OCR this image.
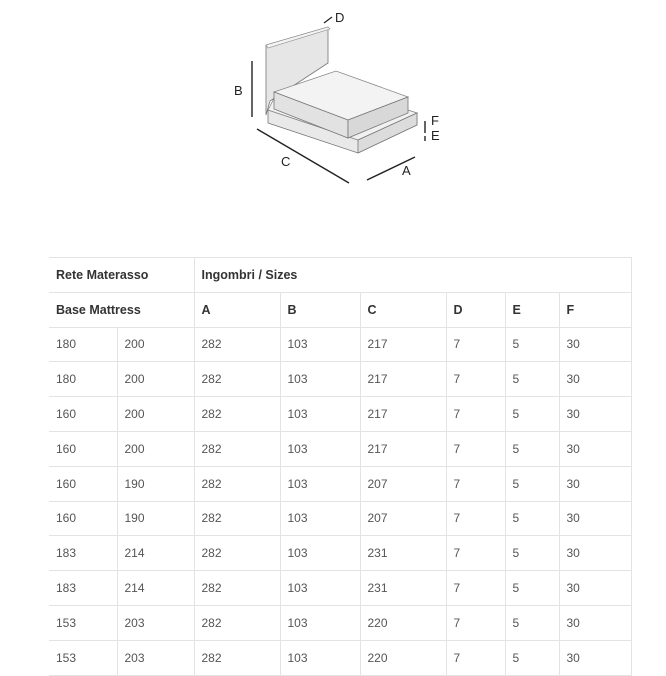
D
B
C
A
F
E
Rete Materasso		Ingombri / Sizes					
Base Mattress		A	B	C	D	E	F
180	200	282	103	217	7	5	30
180	200	282	103	217	7	5	30
160	200	282	103	217	7	5	30
160	200	282	103	217	7	5	30
160	190	282	103	207	7	5	30
160	190	282	103	207	7	5	30
183	214	282	103	231	7	5	30
183	214	282	103	231	7	5	30
153	203	282	103	220	7	5	30
153	203	282	103	220	7	5	30
